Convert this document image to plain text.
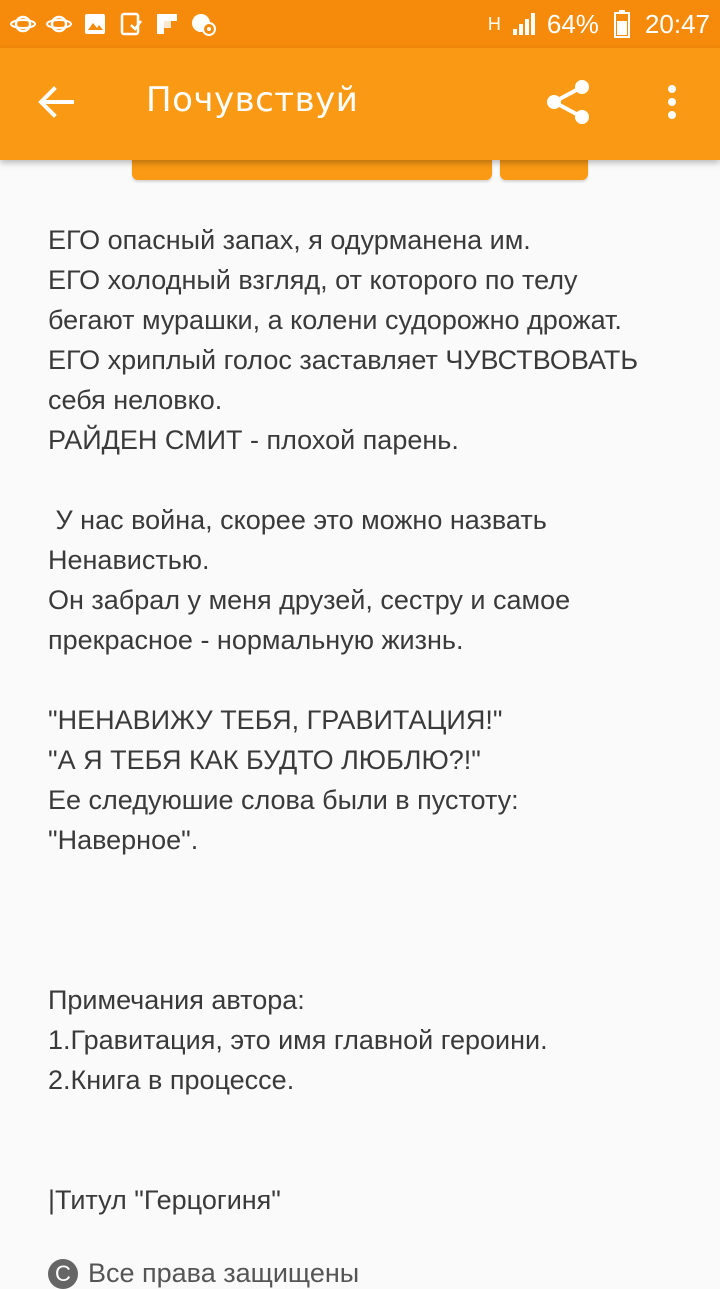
H 64% 20:47
Почувствуй
ЕГО опасный запах, я одурманена им.
ЕГО холодный взгляд, от которого по телу
бегают мурашки, а колени судорожно дрожат.
ЕГО хриплый голос заставляет ЧУВСТВОВАТЬ
себя неловко.
РАЙДЕН СМИТ - плохой парень.
У нас война, скорее это можно назвать
Ненавистью.
Он забрал у меня друзей, сестру и самое
прекрасное - нормальную жизнь.
"НЕНАВИЖУ ТЕБЯ, ГРАВИТАЦИЯ!"
"А Я ТЕБЯ КАК БУДТО ЛЮБЛЮ?!"
Ее следуюшие слова были в пустоту:
"Наверное".
Примечания автора:
1.Гравитация, это имя главной героини.
2.Книга в процессе.
|Титул "Герцогиня"
C Все права защищены
